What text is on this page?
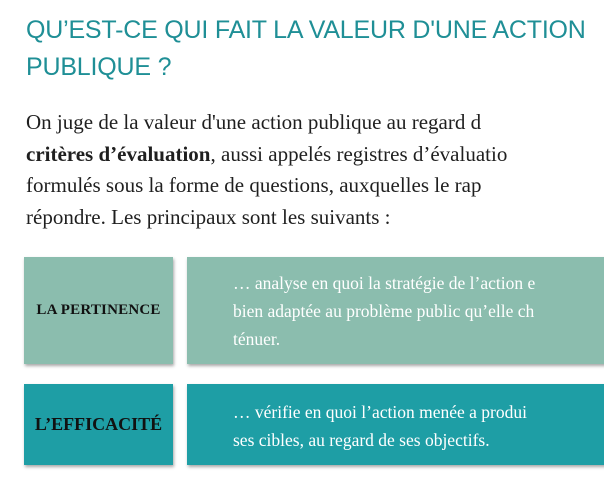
QU’EST-CE QUI FAIT LA VALEUR D'UNE ACTION
PUBLIQUE ?
On juge de la valeur d'une action publique au regard d
critères d’évaluation, aussi appelés registres d’évaluatio
formulés sous la forme de questions, auxquelles le rap
répondre. Les principaux sont les suivants :
LA PERTINENCE
… analyse en quoi la stratégie de l’action e
bien adaptée au problème public qu’elle ch
ténuer.
L’EFFICACITÉ
… vérifie en quoi l’action menée a produi
ses cibles, au regard de ses objectifs.
